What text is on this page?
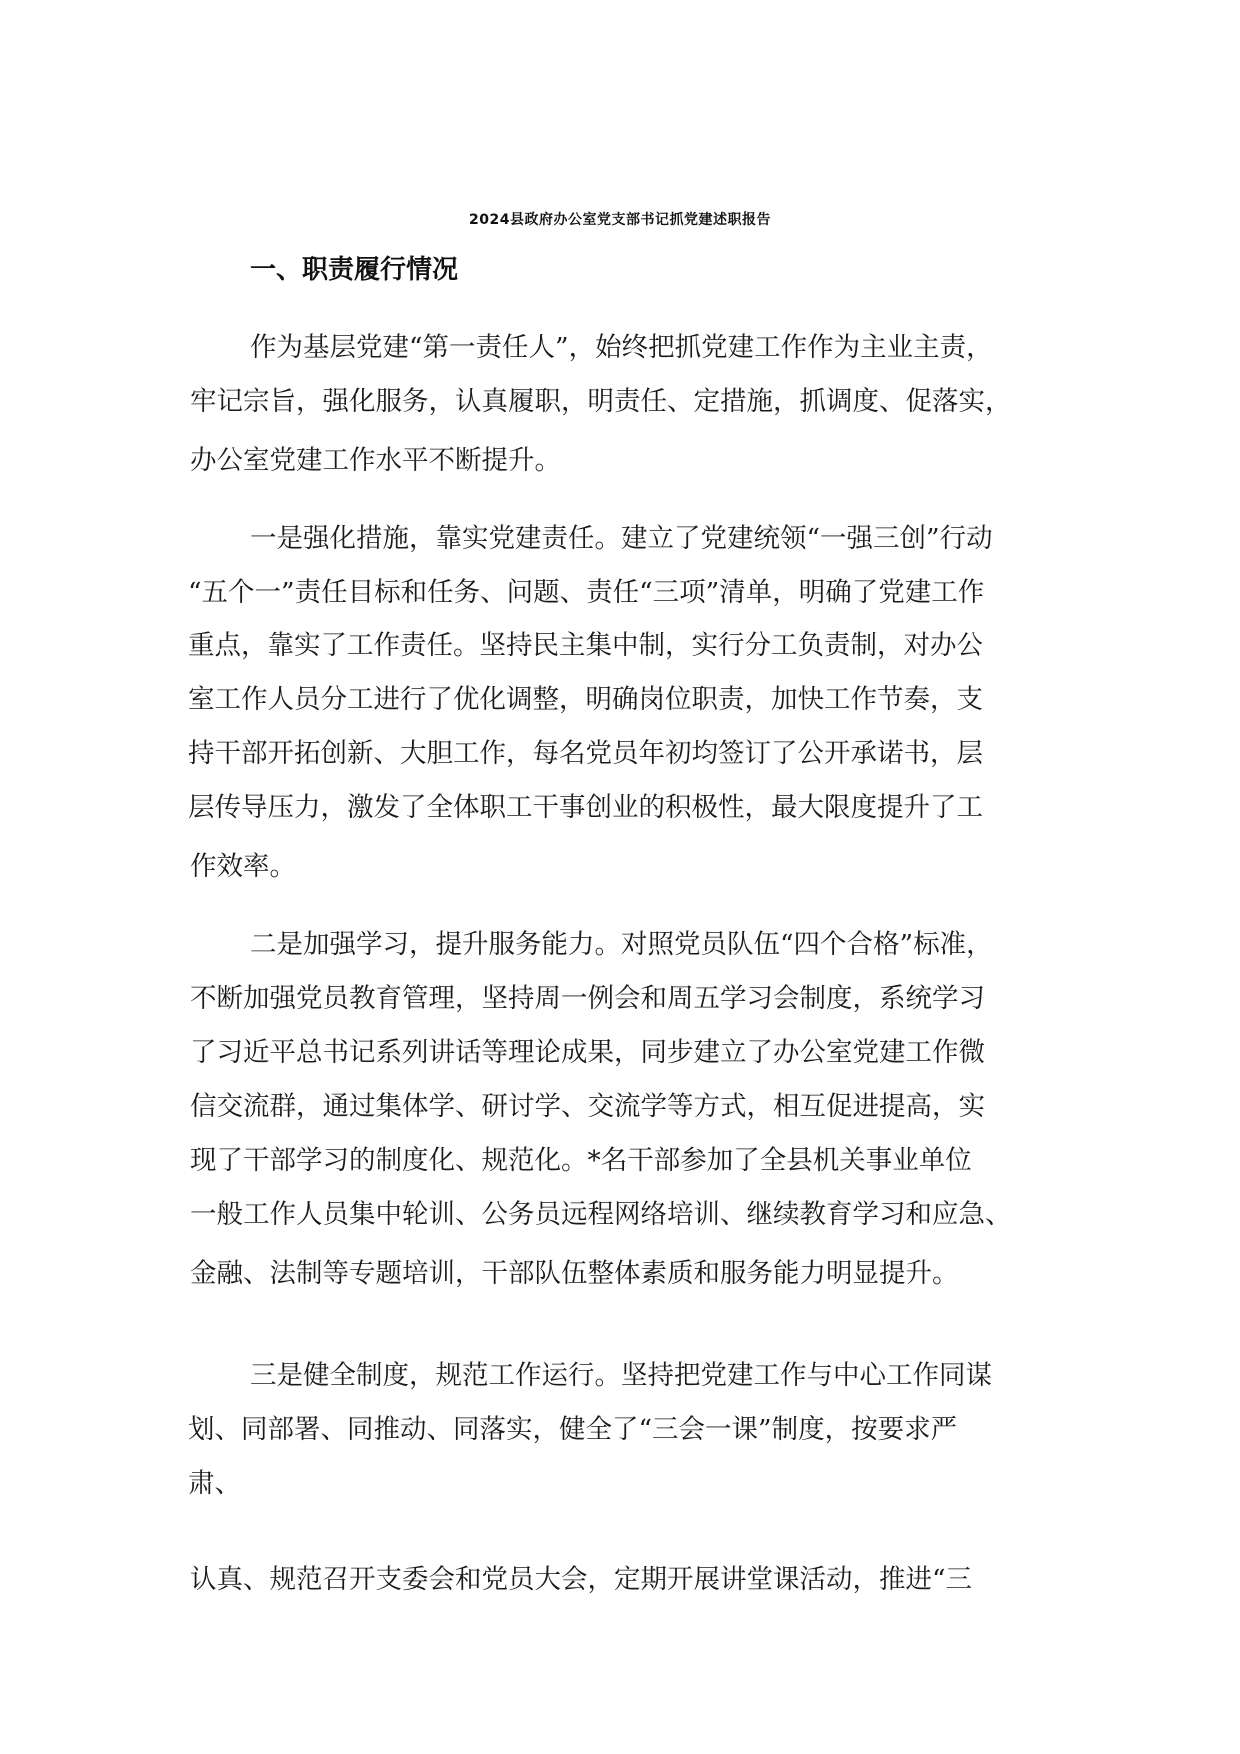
2024县政府办公室党支部书记抓党建述职报告
一、职责履行情况
作为基层党建“第一责任人”，始终把抓党建工作作为主业主责，
牢记宗旨，强化服务，认真履职，明责任、定措施，抓调度、促落实，
办公室党建工作水平不断提升。
一是强化措施，靠实党建责任。建立了党建统领“一强三创”行动
“五个一”责任目标和任务、问题、责任“三项”清单，明确了党建工作
重点，靠实了工作责任。坚持民主集中制，实行分工负责制，对办公
室工作人员分工进行了优化调整，明确岗位职责，加快工作节奏，支
持干部开拓创新、大胆工作，每名党员年初均签订了公开承诺书，层
层传导压力，激发了全体职工干事创业的积极性，最大限度提升了工
作效率。
二是加强学习，提升服务能力。对照党员队伍“四个合格”标准，
不断加强党员教育管理，坚持周一例会和周五学习会制度，系统学习
了习近平总书记系列讲话等理论成果，同步建立了办公室党建工作微
信交流群，通过集体学、研讨学、交流学等方式，相互促进提高，实
现了干部学习的制度化、规范化。*名干部参加了全县机关事业单位
一般工作人员集中轮训、公务员远程网络培训、继续教育学习和应急、
金融、法制等专题培训，干部队伍整体素质和服务能力明显提升。
三是健全制度，规范工作运行。坚持把党建工作与中心工作同谋
划、同部署、同推动、同落实，健全了“三会一课”制度，按要求严
肃、
认真、规范召开支委会和党员大会，定期开展讲堂课活动，推进“三
